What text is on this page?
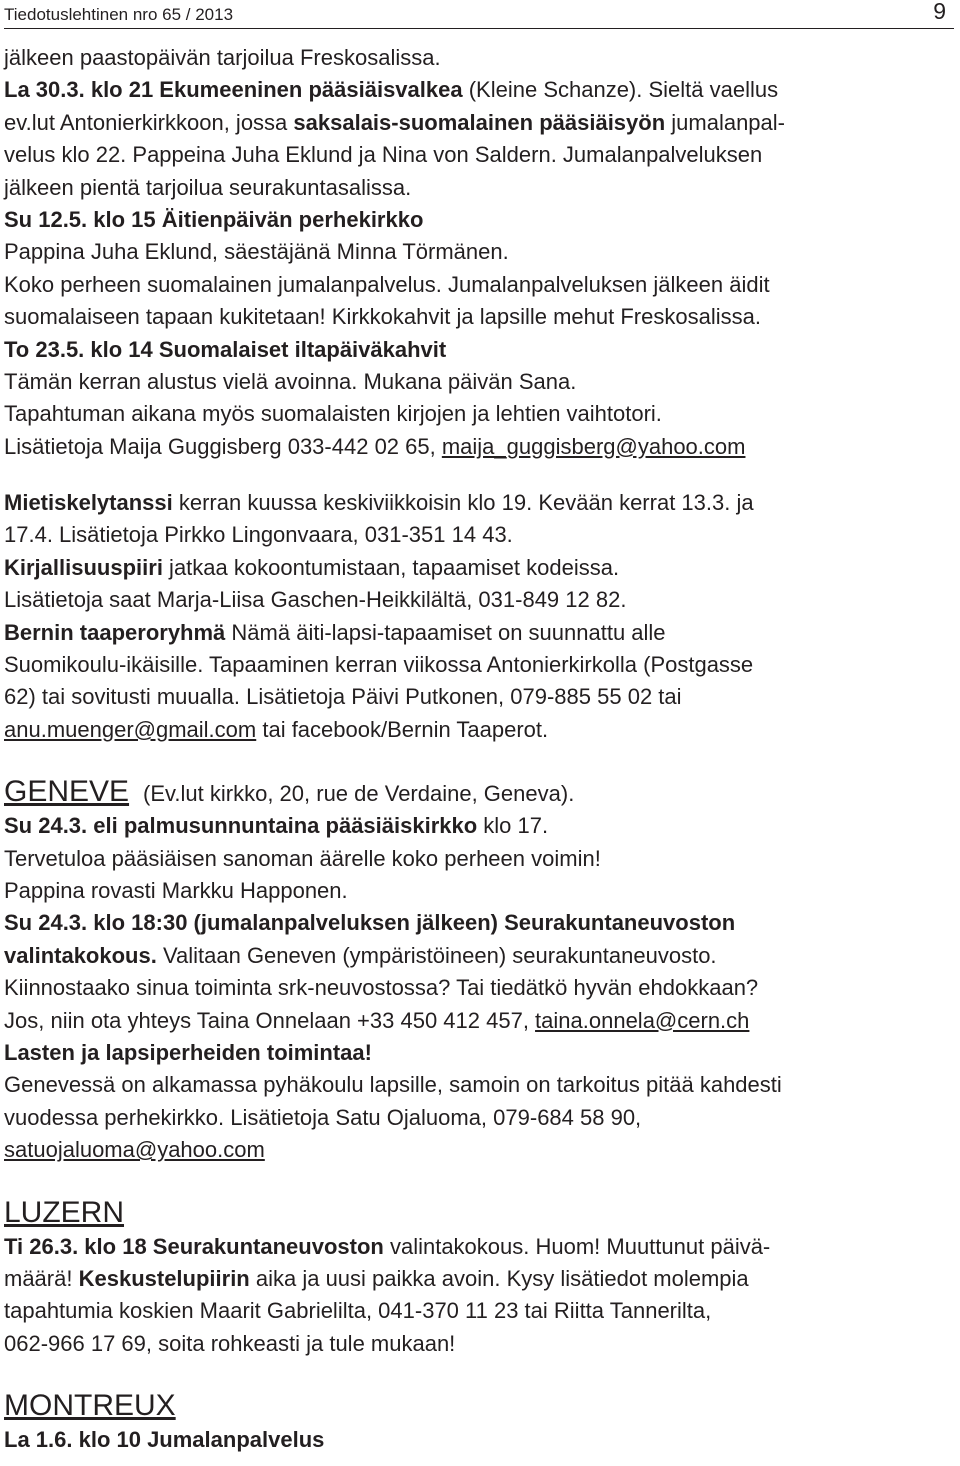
Tiedotuslehtinen nro 65 / 2013	9
jälkeen paastopäivän tarjoilua Freskosalissa.
La 30.3. klo 21 Ekumeeninen pääsiäisvalkea (Kleine Schanze). Sieltä vaellus
ev.lut Antonierkirkkoon, jossa saksalais-suomalainen pääsiäisyön jumalanpal-
velus klo 22. Pappeina Juha Eklund ja Nina von Saldern. Jumalanpalveluksen
jälkeen pientä tarjoilua seurakuntasalissa.
Su 12.5. klo 15 Äitienpäivän perhekirkko
Pappina Juha Eklund, säestäjänä Minna Törmänen.
Koko perheen suomalainen jumalanpalvelus. Jumalanpalveluksen jälkeen äidit
suomalaiseen tapaan kukitetaan! Kirkkokahvit ja lapsille mehut Freskosalissa.
To 23.5. klo 14 Suomalaiset iltapäiväkahvit
Tämän kerran alustus vielä avoinna. Mukana päivän Sana.
Tapahtuman aikana myös suomalaisten kirjojen ja lehtien vaihtotori.
Lisätietoja Maija Guggisberg 033-442 02 65, maija_guggisberg@yahoo.com
Mietiskelytanssi kerran kuussa keskiviikkoisin klo 19. Kevään kerrat 13.3. ja
17.4. Lisätietoja Pirkko Lingonvaara, 031-351 14 43.
Kirjallisuuspiiri jatkaa kokoontumistaan, tapaamiset kodeissa.
Lisätietoja saat Marja-Liisa Gaschen-Heikkilältä, 031-849 12 82.
Bernin taaperoryhmä Nämä äiti-lapsi-tapaamiset on suunnattu alle
Suomikoulu-ikäisille. Tapaaminen kerran viikossa Antonierkirkolla (Postgasse
62) tai sovitusti muualla. Lisätietoja Päivi Putkonen, 079-885 55 02 tai
anu.muenger@gmail.com tai facebook/Bernin Taaperot.
GENEVE (Ev.lut kirkko, 20, rue de Verdaine, Geneva).
Su 24.3. eli palmusunnuntaina pääsiäiskirkko klo 17.
Tervetuloa pääsiäisen sanoman äärelle koko perheen voimin!
Pappina rovasti Markku Happonen.
Su 24.3. klo 18:30 (jumalanpalveluksen jälkeen) Seurakuntaneuvoston
valintakokous. Valitaan Geneven (ympäristöineen) seurakuntaneuvosto.
Kiinnostaako sinua toiminta srk-neuvostossa? Tai tiedätkö hyvän ehdokkaan?
Jos, niin ota yhteys Taina Onnelaan +33 450 412 457, taina.onnela@cern.ch
Lasten ja lapsiperheiden toimintaa!
Genevessä on alkamassa pyhäkoulu lapsille, samoin on tarkoitus pitää kahdesti
vuodessa perhekirkko. Lisätietoja Satu Ojaluoma, 079-684 58 90,
satuojaluoma@yahoo.com
LUZERN
Ti 26.3. klo 18 Seurakuntaneuvoston valintakokous. Huom! Muuttunut päivä-
määrä! Keskustelupiirin aika ja uusi paikka avoin. Kysy lisätiedot molempia
tapahtumia koskien Maarit Gabrielilta, 041-370 11 23 tai Riitta Tannerilta,
062-966 17 69, soita rohkeasti ja tule mukaan!
MONTREUX
La 1.6. klo 10 Jumalanpalvelus
